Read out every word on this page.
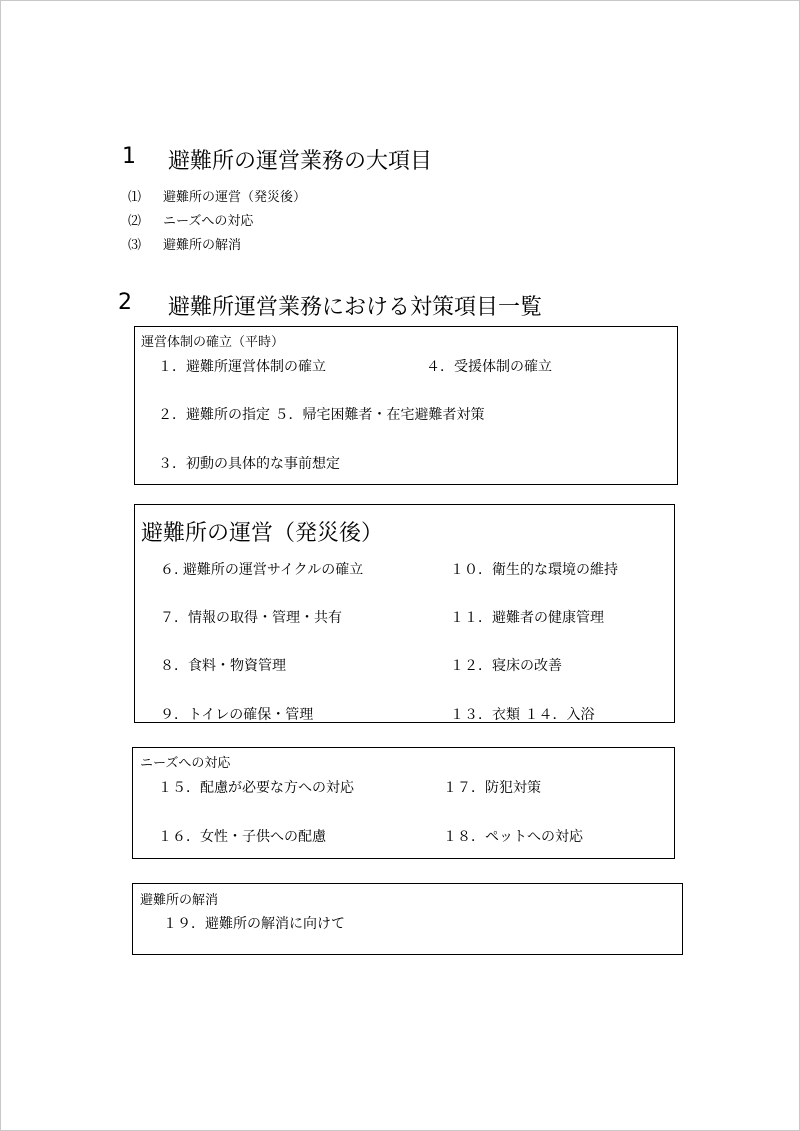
1 避難所の運営業務の大項目
⑴ 避難所の運営（発災後）
⑵ ニーズへの対応
⑶ 避難所の解消
2 避難所運営業務における対策項目一覧
運営体制の確立（平時）
１．避難所運営体制の確立	４．受援体制の確立
２．避難所の指定 ５．帰宅困難者・在宅避難者対策
３．初動の具体的な事前想定
避難所の運営（発災後）
６. 避難所の運営サイクルの確立	１０．衛生的な環境の維持
７．情報の取得・管理・共有	１１．避難者の健康管理
８．食料・物資管理	１２．寝床の改善
９．トイレの確保・管理	１３．衣類 １４．入浴
ニーズへの対応
１５．配慮が必要な方への対応	１７．防犯対策
１６．女性・子供への配慮	１８．ペットへの対応
避難所の解消
１９．避難所の解消に向けて
